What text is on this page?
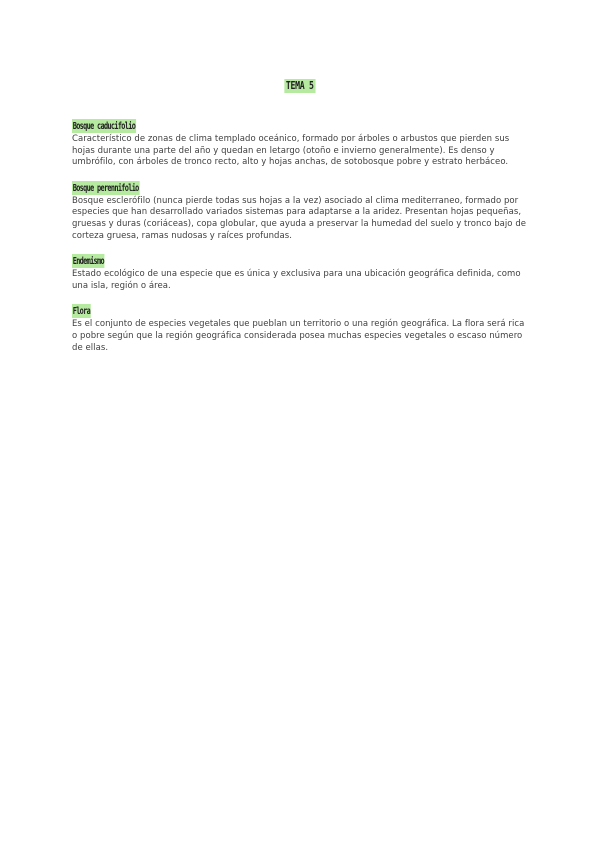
TEMA 5
Bosque caducifolio
Característico de zonas de clima templado oceánico, formado por árboles o arbustos que pierden sus hojas durante una parte del año y quedan en letargo (otoño e invierno generalmente). Es denso y umbrófilo, con árboles de tronco recto, alto y hojas anchas, de sotobosque pobre y estrato herbáceo.
Bosque perennifolio
Bosque esclerófilo (nunca pierde todas sus hojas a la vez) asociado al clima mediterraneo, formado por especies que han desarrollado variados sistemas para adaptarse a la aridez. Presentan hojas pequeñas, gruesas y duras (coriáceas), copa globular, que ayuda a preservar la humedad del suelo y tronco bajo de corteza gruesa, ramas nudosas y raíces profundas.
Endemismo
Estado ecológico de una especie que es única y exclusiva para una ubicación geográfica definida, como una isla, región o área.
Flora
Es el conjunto de especies vegetales que pueblan un territorio o una región geográfica. La flora será rica o pobre según que la región geográfica considerada posea muchas especies vegetales o escaso número de ellas.
